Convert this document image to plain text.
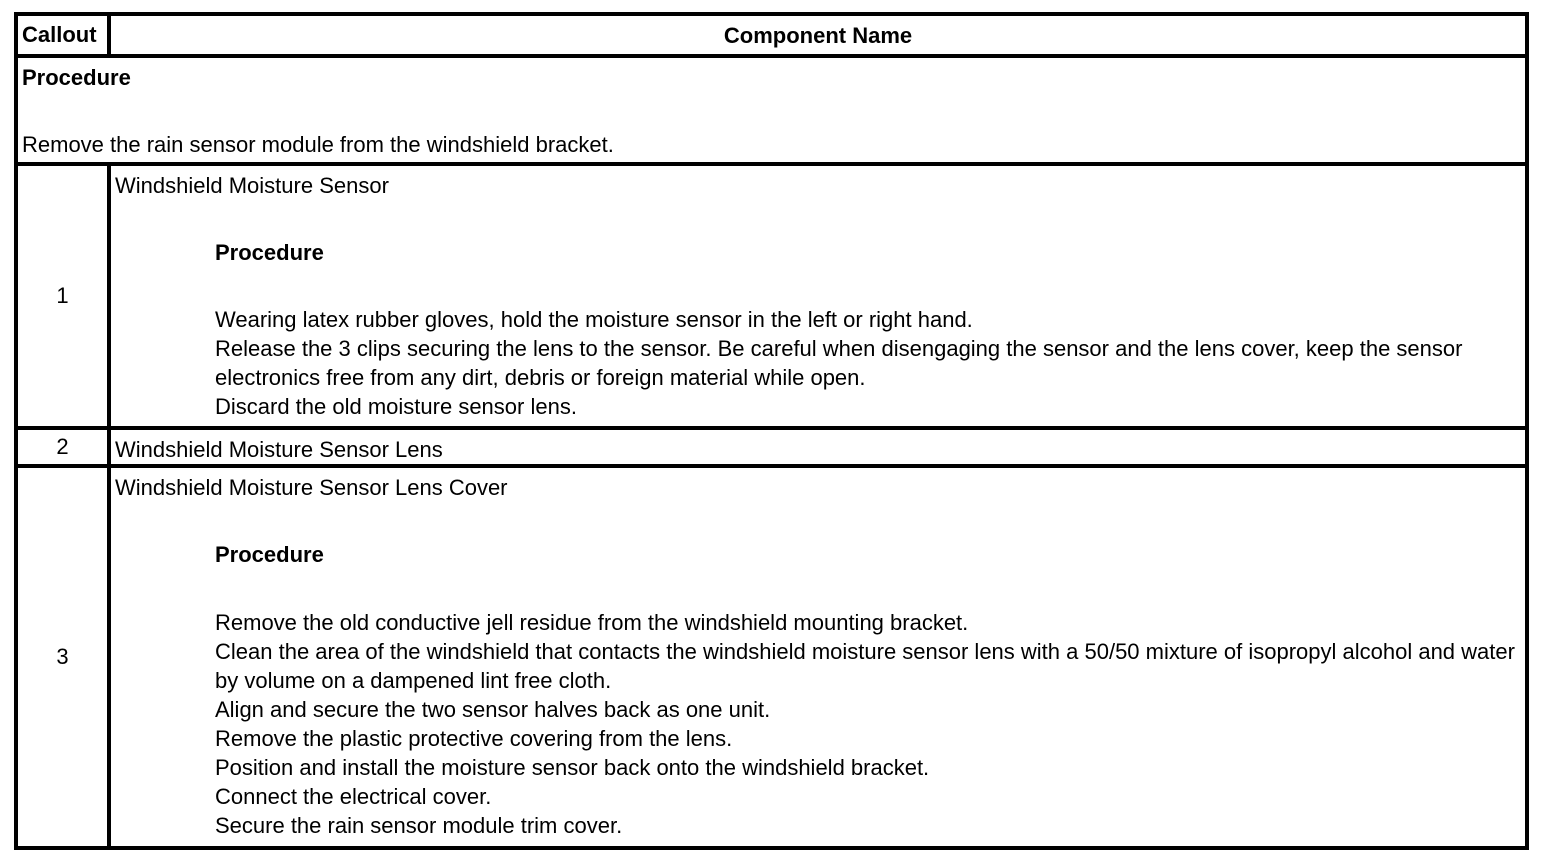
Callout	Component Name
Procedure
Remove the rain sensor module from the windshield bracket.
1
Windshield Moisture Sensor
Procedure
Wearing latex rubber gloves, hold the moisture sensor in the left or right hand.
Release the 3 clips securing the lens to the sensor. Be careful when disengaging the sensor and the lens cover, keep the sensor electronics free from any dirt, debris or foreign material while open.
Discard the old moisture sensor lens.
2	Windshield Moisture Sensor Lens
3
Windshield Moisture Sensor Lens Cover
Procedure
Remove the old conductive jell residue from the windshield mounting bracket.
Clean the area of the windshield that contacts the windshield moisture sensor lens with a 50/50 mixture of isopropyl alcohol and water by volume on a dampened lint free cloth.
Align and secure the two sensor halves back as one unit.
Remove the plastic protective covering from the lens.
Position and install the moisture sensor back onto the windshield bracket.
Connect the electrical cover.
Secure the rain sensor module trim cover.
